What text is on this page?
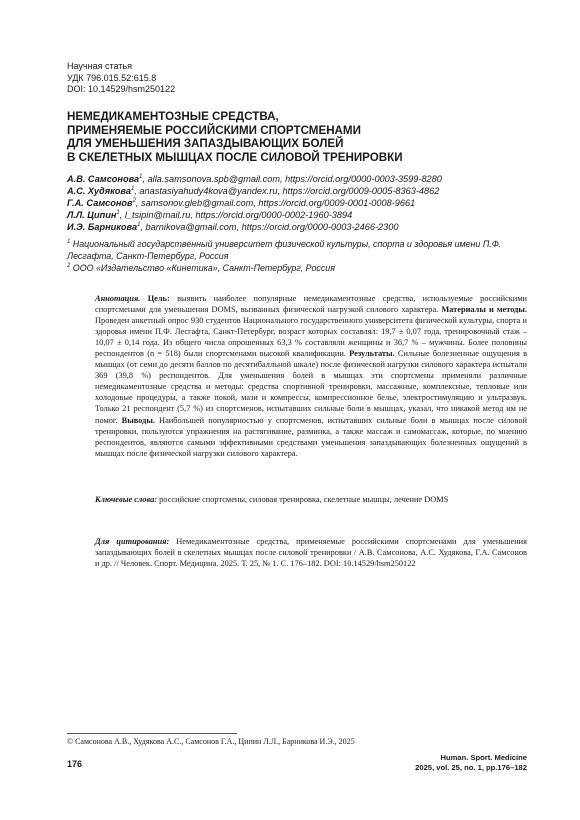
Научная статья
УДК 796.015.52:615.8
DOI: 10.14529/hsm250122
НЕМЕДИКАМЕНТОЗНЫЕ СРЕДСТВА,
ПРИМЕНЯЕМЫЕ РОССИЙСКИМИ СПОРТСМЕНАМИ
ДЛЯ УМЕНЬШЕНИЯ ЗАПАЗДЫВАЮЩИХ БОЛЕЙ
В СКЕЛЕТНЫХ МЫШЦАХ ПОСЛЕ СИЛОВОЙ ТРЕНИРОВКИ
А.В. Самсонова$^1$, alla.samsonova.spb@gmail.com, https://orcid.org/0000-0003-3599-8280
А.С. Худякова$^1$, anastasiyahudy4kova@yandex.ru, https://orcid.org/0009-0005-8363-4862
Г.А. Самсонов$^2$, samsonov.gleb@gmail.com, https://orcid.org/0009-0001-0008-9661
Л.Л. Ципин$^1$, l_tsipin@mail.ru, https://orcid.org/0000-0002-1960-3894
И.Э. Барникова$^1$, barnikova@gmail.com, https://orcid.org/0000-0003-2466-2300
$^1$ Национальный государственный университет физической культуры, спорта и здоровья имени П.Ф. Лесгафта, Санкт-Петербург, Россия
$^2$ ООО «Издательство «Кинетика», Санкт-Петербург, Россия
Аннотация. Цель: выявить наиболее популярные немедикаментозные средства, используемые российскими спортсменами для уменьшения DOMS, вызванных физической нагрузкой силового характера. Материалы и методы. Проведен анкетный опрос 930 студентов Национального государственного университета физической культуры, спорта и здоровья имени П.Ф. Лесгафта, Санкт-Петербург, возраст которых составлял: 19,7 ± 0,07 года, тренировочный стаж – 10,07 ± 0,14 года. Из общего числа опрошенных 63,3 % составляли женщины и 36,7 % – мужчины. Более половины респондентов (n = 518) были спортсменами высокой квалификации. Результаты. Сильные болезненные ощущения в мышцах (от семи до десяти баллов по десятибалльной шкале) после физической нагрузки силового характера испытали 369 (39,8 %) респондентов. Для уменьшения болей в мышцах эти спортсмены применяли различные немедикаментозные средства и методы: средства спортивной тренировки, массажные, комплексные, тепловые или холодовые процедуры, а также покой, мази и компрессы, компрессионное белье, электростимуляцию и ультразвук. Только 21 респондент (5,7 %) из спортсменов, испытавших сильные боли в мышцах, указал, что никакой метод им не помог. Выводы. Наибольшей популярностью у спортсменов, испытавших сильные боли в мышцах после силовой тренировки, пользуются упражнения на растягивание, разминка, а также массаж и самомассаж, которые, по мнению респондентов, являются самыми эффективными средствами уменьшения запаздывающих болезненных ощущений в мышцах после физической нагрузки силового характера.
Ключевые слова: российские спортсмены, силовая тренировка, скелетные мышцы, лечение DOMS
Для цитирования: Немедикаментозные средства, применяемые российскими спортсменами для уменьшения запаздывающих болей в скелетных мышцах после силовой тренировки / А.В. Самсонова, А.С. Худякова, Г.А. Самсонов и др. // Человек. Спорт. Медицина. 2025. Т. 25, № 1. С. 176–182. DOI: 10.14529/hsm250122
© Самсонова А.В., Худякова А.С., Самсонов Г.А., Ципин Л.Л., Барникова И.Э., 2025
176
Human. Sport. Medicine
2025, vol. 25, no. 1, pp.176–182
